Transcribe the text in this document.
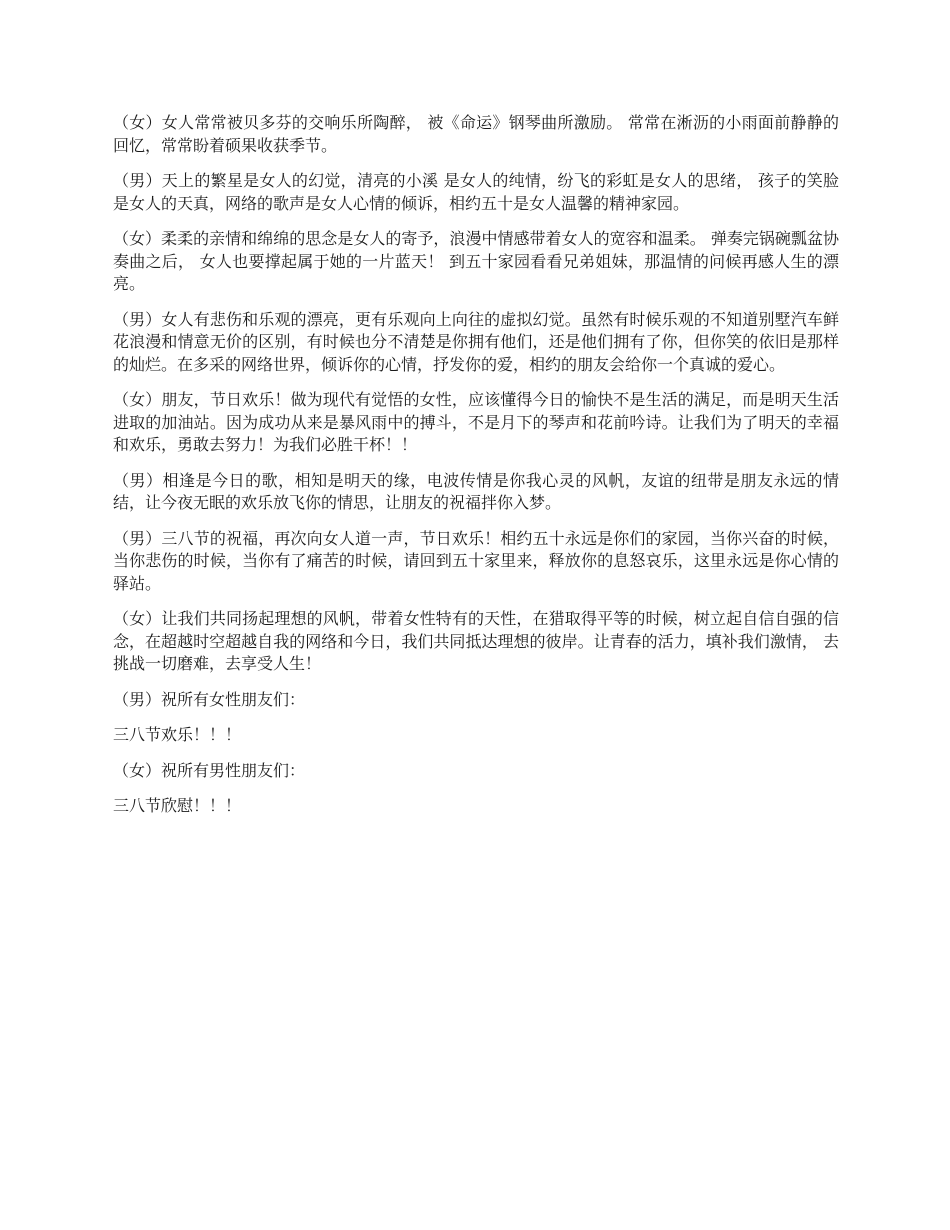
（女）女人常常被贝多芬的交响乐所陶醉， 被《命运》钢琴曲所激励。 常常在淅沥的小雨面前静静的回忆，常常盼着硕果收获季节。

（男）天上的繁星是女人的幻觉，清亮的小溪 是女人的纯情，纷飞的彩虹是女人的思绪， 孩子的笑脸是女人的天真，网络的歌声是女人心情的倾诉，相约五十是女人温馨的精神家园。

（女）柔柔的亲情和绵绵的思念是女人的寄予，浪漫中情感带着女人的宽容和温柔。 弹奏完锅碗瓢盆协奏曲之后， 女人也要撑起属于她的一片蓝天！ 到五十家园看看兄弟姐妹，那温情的问候再感人生的漂亮。

（男）女人有悲伤和乐观的漂亮，更有乐观向上向往的虚拟幻觉。虽然有时候乐观的不知道别墅汽车鲜花浪漫和情意无价的区别，有时候也分不清楚是你拥有他们，还是他们拥有了你，但你笑的依旧是那样的灿烂。在多采的网络世界，倾诉你的心情，抒发你的爱，相约的朋友会给你一个真诚的爱心。

（女）朋友，节日欢乐！做为现代有觉悟的女性，应该懂得今日的愉快不是生活的满足，而是明天生活进取的加油站。因为成功从来是暴风雨中的搏斗，不是月下的琴声和花前吟诗。让我们为了明天的幸福和欢乐，勇敢去努力！为我们必胜干杯！！

（男）相逢是今日的歌，相知是明天的缘，电波传情是你我心灵的风帆，友谊的纽带是朋友永远的情结，让今夜无眠的欢乐放飞你的情思，让朋友的祝福拌你入梦。

（男）三八节的祝福，再次向女人道一声，节日欢乐！相约五十永远是你们的家园，当你兴奋的时候，当你悲伤的时候，当你有了痛苦的时候，请回到五十家里来，释放你的息怒哀乐，这里永远是你心情的驿站。

（女）让我们共同扬起理想的风帆，带着女性特有的天性，在猎取得平等的时候，树立起自信自强的信念，在超越时空超越自我的网络和今日，我们共同抵达理想的彼岸。让青春的活力，填补我们激情， 去挑战一切磨难，去享受人生！

（男）祝所有女性朋友们：

三八节欢乐！！！

（女）祝所有男性朋友们：

三八节欣慰！！！
